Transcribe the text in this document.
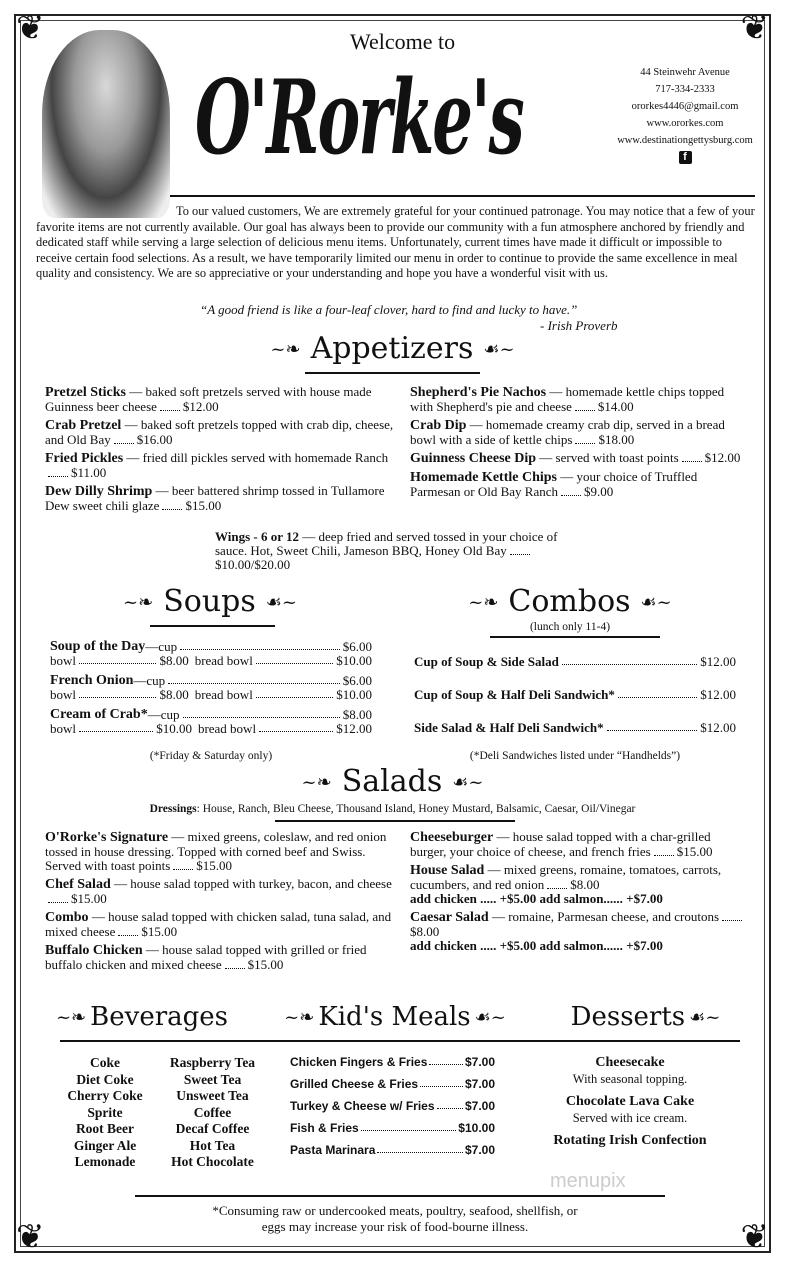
❦	❦
❦	❦
Welcome to
O'Rorke's	44 Steinwehr Avenue
717-334-2333
ororkes4446@gmail.com
www.ororkes.com
www.destinationgettysburg.com
f

To our valued customers, We are extremely grateful for your continued patronage. You may notice that a few of your favorite items are not currently available. Our goal has always been to provide our community with a fun atmosphere anchored by friendly and dedicated staff while serving a large selection of delicious menu items. Unfortunately, current times have made it difficult or impossible to receive certain food selections. As a result, we have temporarily limited our menu in order to continue to provide the same excellence in meal quality and consistency. We are so appreciative or your understanding and hope you have a wonderful visit with us.

“A good friend is like a four-leaf clover, hard to find and lucky to have.”
- Irish Proverb
~❧ Appetizers ☙~
Pretzel Sticks — baked soft pretzels served with house made Guinness beer cheese $12.00
Crab Pretzel — baked soft pretzels topped with crab dip, cheese, and Old Bay $16.00
Fried Pickles — fried dill pickles served with homemade Ranch$11.00
Dew Dilly Shrimp — beer battered shrimp tossed in Tullamore Dew sweet chili glaze $15.00
Shepherd's Pie Nachos — homemade kettle chips topped with Shepherd's pie and cheese $14.00
Crab Dip — homemade creamy crab dip, served in a bread bowl with a side of kettle chips $18.00
Guinness Cheese Dip — served with toast points $12.00
Homemade Kettle Chips — your choice of Truffled Parmesan or Old Bay Ranch $9.00
Wings - 6 or 12 — deep fried and served tossed in your choice of sauce. Hot, Sweet Chili, Jameson BBQ, Honey Old Bay$10.00/$20.00
~❧ Soups ☙~	~❧ Combos ☙~
(lunch only 11-4)
Soup of the Day — cup	$6.00
bowl	$8.00 bread bowl	$10.00
French Onion — cup	$6.00
bowl	$8.00 bread bowl	$10.00
Cream of Crab* — cup	$8.00
bowl	$10.00 bread bowl	$12.00
(*Friday & Saturday only)
Cup of Soup & Side Salad	$12.00
Cup of Soup & Half Deli Sandwich*	$12.00
Side Salad & Half Deli Sandwich*	$12.00
(*Deli Sandwiches listed under “Handhelds”)
~❧ Salads ☙~
Dressings: House, Ranch, Bleu Cheese, Thousand Island, Honey Mustard, Balsamic, Caesar, Oil/Vinegar
O'Rorke's Signature — mixed greens, coleslaw, and red onion tossed in house dressing. Topped with corned beef and Swiss. Served with toast points $15.00
Chef Salad — house salad topped with turkey, bacon, and cheese$15.00
Combo — house salad topped with chicken salad, tuna salad, and mixed cheese $15.00
Buffalo Chicken — house salad topped with grilled or fried buffalo chicken and mixed cheese $15.00
Cheeseburger — house salad topped with a char-grilled burger, your choice of cheese, and french fries $15.00
House Salad — mixed greens, romaine, tomatoes, carrots, cucumbers, and red onion $8.00
add chicken ..... +$5.00 add salmon...... +$7.00
Caesar Salad — romaine, Parmesan cheese, and croutons$8.00
add chicken ..... +$5.00 add salmon...... +$7.00
~❧ Beverages	~❧ Kid's Meals ☙~	Desserts ☙~
Coke
Diet Coke
Cherry Coke
Sprite
Root Beer
Ginger Ale
Lemonade
Raspberry Tea
Sweet Tea
Unsweet Tea
Coffee
Decaf Coffee
Hot Tea
Hot Chocolate
Chicken Fingers & Fries	$7.00
Grilled Cheese & Fries	$7.00
Turkey & Cheese w/ Fries	$7.00
Fish & Fries	$10.00
Pasta Marinara	$7.00
Cheesecake
With seasonal topping.
Chocolate Lava Cake
Served with ice cream.
Rotating Irish Confection
menupix

*Consuming raw or undercooked meats, poultry, seafood, shellfish, or eggs may increase your risk of food-bourne illness.
